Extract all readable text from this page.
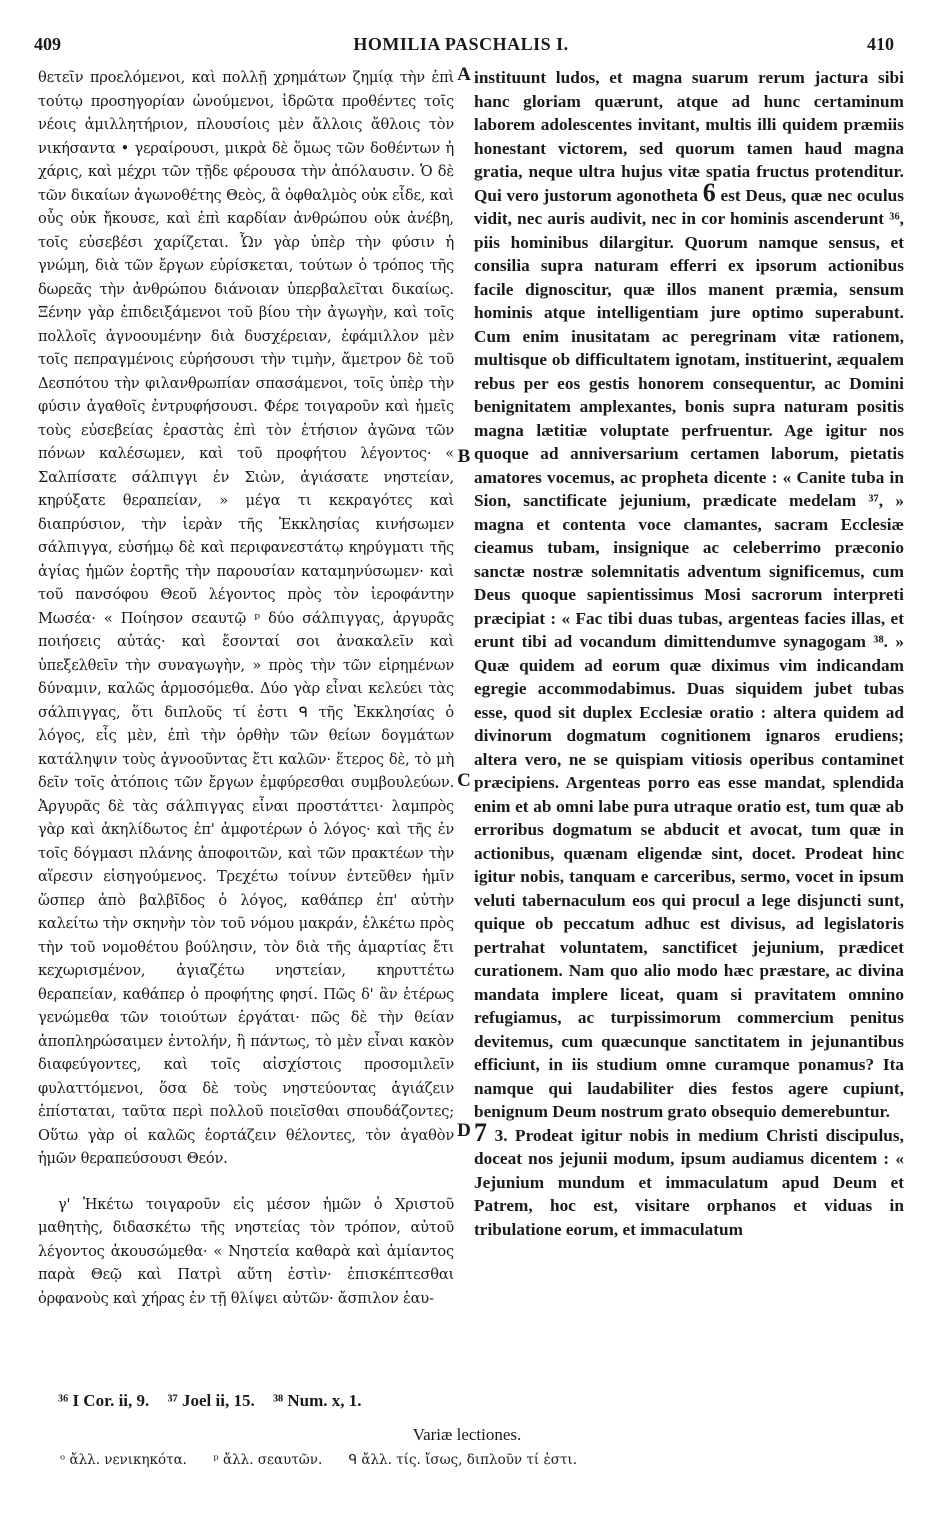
409	HOMILIA PASCHALIS I.	410

θετεῖν προελόμενοι, καὶ πολλῇ χρημάτων ζημίᾳ τὴν ἐπὶ τούτῳ προσηγορίαν ὠνούμενοι, ἱδρῶτα προθέντες τοῖς νέοις ἁμιλλητήριον, πλουσίοις μὲν ἄλλοις ἄθλοις τὸν νικήσαντα • γεραίρουσι, μικρὰ δὲ ὅμως τῶν δοθέντων ἡ χάρις, καὶ μέχρι τῶν τῇδε φέρουσα τὴν ἀπόλαυσιν. Ὁ δὲ τῶν δικαίων ἀγωνοθέτης Θεὸς, ἃ ὀφθαλμὸς οὐκ εἶδε, καὶ οὖς οὐκ ἤκουσε, καὶ ἐπὶ καρδίαν ἀνθρώπου οὐκ ἀνέβη, τοῖς εὐσεβέσι χαρίζεται. Ὧν γὰρ ὑπὲρ τὴν φύσιν ἡ γνώμη, διὰ τῶν ἔργων εὑρίσκεται, τούτων ὁ τρόπος τῆς δωρεᾶς τὴν ἀνθρώπου διάνοιαν ὑπερβαλεῖται δικαίως. Ξένην γὰρ ἐπιδειξάμενοι τοῦ βίου τὴν ἀγωγὴν, καὶ τοῖς πολλοῖς ἀγνοουμένην διὰ δυσχέρειαν, ἐφάμιλλον μὲν τοῖς πεπραγμένοις εὑρήσουσι τὴν τιμὴν, ἄμετρον δὲ τοῦ Δεσπότου τὴν φιλανθρωπίαν σπασάμενοι, τοῖς ὑπὲρ τὴν φύσιν ἀγαθοῖς ἐντρυφήσουσι. Φέρε τοιγαροῦν καὶ ἡμεῖς τοὺς εὐσεβείας ἐραστὰς ἐπὶ τὸν ἐτήσιον ἀγῶνα τῶν πόνων καλέσωμεν, καὶ τοῦ προφήτου λέγοντος· « Σαλπίσατε σάλπιγγι ἐν Σιὼν, ἁγιάσατε νηστείαν, κηρύξατε θεραπείαν, » μέγα τι κεκραγότες καὶ διαπρύσιον, τὴν ἱερὰν τῆς Ἐκκλησίας κινήσωμεν σάλπιγγα, εὐσήμῳ δὲ καὶ περιφανεστάτῳ κηρύγματι τῆς ἁγίας ἡμῶν ἑορτῆς τὴν παρουσίαν καταμηνύσωμεν· καὶ τοῦ πανσόφου Θεοῦ λέγοντος πρὸς τὸν ἱεροφάντην Μωσέα· « Ποίησον σεαυτῷ ᵖ δύο σάλπιγγας, ἀργυρᾶς ποιήσεις αὐτάς· καὶ ἔσονταί σοι ἀνακαλεῖν καὶ ὑπεξελθεῖν τὴν συναγωγὴν, » πρὸς τὴν τῶν εἰρημένων δύναμιν, καλῶς ἁρμοσόμεθα. Δύο γὰρ εἶναι κελεύει τὰς σάλπιγγας, ὅτι διπλοῦς τί ἐστι ᑫ τῆς Ἐκκλησίας ὁ λόγος, εἷς μὲν, ἐπὶ τὴν ὀρθὴν τῶν θείων δογμάτων κατάληψιν τοὺς ἀγνοοῦντας ἔτι καλῶν· ἕτερος δὲ, τὸ μὴ δεῖν τοῖς ἀτόποις τῶν ἔργων ἐμφύρεσθαι συμβουλεύων. Ἀργυρᾶς δὲ τὰς σάλπιγγας εἶναι προστάττει· λαμπρὸς γὰρ καὶ ἀκηλίδωτος ἐπ' ἀμφοτέρων ὁ λόγος· καὶ τῆς ἐν τοῖς δόγμασι πλάνης ἀποφοιτῶν, καὶ τῶν πρακτέων τὴν αἵρεσιν εἰσηγούμενος. Τρεχέτω τοίνυν ἐντεῦθεν ἡμῖν ὥσπερ ἀπὸ βαλβῖδος ὁ λόγος, καθάπερ ἐπ' αὐτὴν καλείτω τὴν σκηνὴν τὸν τοῦ νόμου μακράν, ἑλκέτω πρὸς τὴν τοῦ νομοθέτου βούλησιν, τὸν διὰ τῆς ἁμαρτίας ἔτι κεχωρισμένον, ἁγιαζέτω νηστείαν, κηρυττέτω θεραπείαν, καθάπερ ὁ προφήτης φησί. Πῶς δ' ἂν ἑτέρως γενώμεθα τῶν τοιούτων ἐργάται· πῶς δὲ τὴν θείαν ἀποπληρώσαιμεν ἐντολήν, ἢ πάντως, τὸ μὲν εἶναι κακὸν διαφεύγοντες, καὶ τοῖς αἰσχίστοις προσομιλεῖν φυλαττόμενοι, ὅσα δὲ τοὺς νηστεύοντας ἁγιάζειν ἐπίσταται, ταῦτα περὶ πολλοῦ ποιεῖσθαι σπουδάζοντες; Οὕτω γὰρ οἱ καλῶς ἑορτάζειν θέλοντες, τὸν ἀγαθὸν ἡμῶν θεραπεύσουσι Θεόν.

γ' Ἡκέτω τοιγαροῦν εἰς μέσον ἡμῶν ὁ Χριστοῦ μαθητὴς, διδασκέτω τῆς νηστείας τὸν τρόπον, αὐτοῦ λέγοντος ἀκουσώμεθα· « Νηστεία καθαρὰ καὶ ἀμίαντος παρὰ Θεῷ καὶ Πατρὶ αὕτη ἐστὶν· ἐπισκέπτεσθαι ὀρφανοὺς καὶ χήρας ἐν τῇ θλίψει αὐτῶν· ἄσπιλον ἑαυ-

A
B
C
D

instituunt ludos, et magna suarum rerum jactura sibi hanc gloriam quærunt, atque ad hunc certaminum laborem adolescentes invitant, multis illi quidem præmiis honestant victorem, sed quorum tamen haud magna gratia, neque ultra hujus vitæ spatia fructus protenditur. Qui vero justorum agonotheta 6 est Deus, quæ nec oculus vidit, nec auris audivit, nec in cor hominis ascenderunt ³⁶, piis hominibus dilargitur. Quorum namque sensus, et consilia supra naturam efferri ex ipsorum actionibus facile dignoscitur, quæ illos manent præmia, sensum hominis atque intelligentiam jure optimo superabunt. Cum enim inusitatam ac peregrinam vitæ rationem, multisque ob difficultatem ignotam, instituerint, æqualem rebus per eos gestis honorem consequentur, ac Domini benignitatem amplexantes, bonis supra naturam positis magna lætitiæ voluptate perfruentur. Age igitur nos quoque ad anniversarium certamen laborum, pietatis amatores vocemus, ac propheta dicente : « Canite tuba in Sion, sanctificate jejunium, prædicate medelam ³⁷, » magna et contenta voce clamantes, sacram Ecclesiæ cieamus tubam, insignique ac celeberrimo præconio sanctæ nostræ solemnitatis adventum significemus, cum Deus quoque sapientissimus Mosi sacrorum interpreti præcipiat : « Fac tibi duas tubas, argenteas facies illas, et erunt tibi ad vocandum dimittendumve synagogam ³⁸. » Quæ quidem ad eorum quæ diximus vim indicandam egregie accommodabimus. Duas siquidem jubet tubas esse, quod sit duplex Ecclesiæ oratio : altera quidem ad divinorum dogmatum cognitionem ignaros erudiens; altera vero, ne se quispiam vitiosis operibus contaminet præcipiens. Argenteas porro eas esse mandat, splendida enim et ab omni labe pura utraque oratio est, tum quæ ab erroribus dogmatum se abducit et avocat, tum quæ in actionibus, quænam eligendæ sint, docet. Prodeat hinc igitur nobis, tanquam e carceribus, sermo, vocet in ipsum veluti tabernaculum eos qui procul a lege disjuncti sunt, quique ob peccatum adhuc est divisus, ad legislatoris pertrahat voluntatem, sanctificet jejunium, prædicet curationem. Nam quo alio modo hæc præstare, ac divina mandata implere liceat, quam si pravitatem omnino refugiamus, ac turpissimorum commercium penitus devitemus, cum quæcunque sanctitatem in jejunantibus efficiunt, in iis studium omne curamque ponamus? Ita namque qui laudabiliter dies festos agere cupiunt, benignum Deum nostrum grato obsequio demerebuntur.

7 3. Prodeat igitur nobis in medium Christi discipulus, doceat nos jejunii modum, ipsum audiamus dicentem : « Jejunium mundum et immaculatum apud Deum et Patrem, hoc est, visitare orphanos et viduas in tribulatione eorum, et immaculatum

³⁶ I Cor. ii, 9. ³⁷ Joel ii, 15. ³⁸ Num. x, 1.
Variæ lectiones.
ᵒ ἄλλ. νενικηκότα. ᵖ ἄλλ. σεαυτῶν. ᑫ ἄλλ. τίς. ἴσως, διπλοῦν τί ἐστι.
